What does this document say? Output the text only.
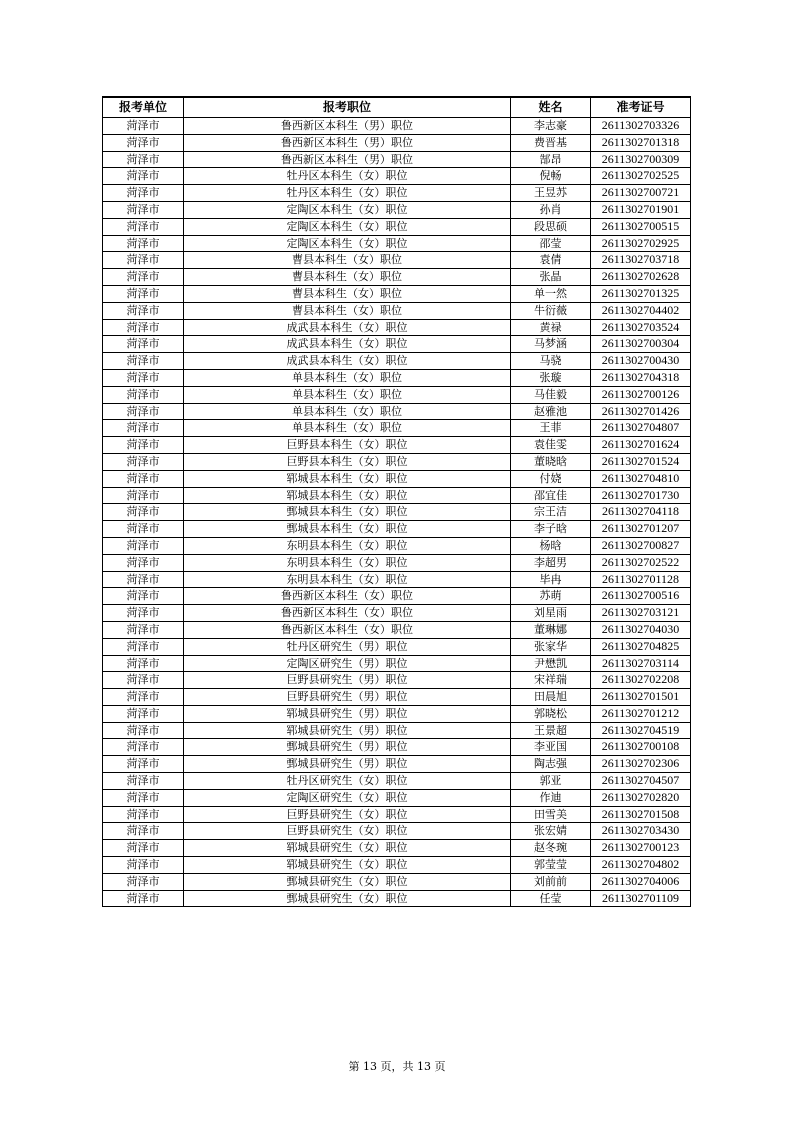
报考单位	报考职位	姓名	准考证号
菏泽市	鲁西新区本科生（男）职位	李志豪	2611302703326
菏泽市	鲁西新区本科生（男）职位	费晋基	2611302701318
菏泽市	鲁西新区本科生（男）职位	郜昂	2611302700309
菏泽市	牡丹区本科生（女）职位	倪畅	2611302702525
菏泽市	牡丹区本科生（女）职位	王昱苏	2611302700721
菏泽市	定陶区本科生（女）职位	孙肖	2611302701901
菏泽市	定陶区本科生（女）职位	段思硕	2611302700515
菏泽市	定陶区本科生（女）职位	邵莹	2611302702925
菏泽市	曹县本科生（女）职位	袁倩	2611302703718
菏泽市	曹县本科生（女）职位	张晶	2611302702628
菏泽市	曹县本科生（女）职位	单一然	2611302701325
菏泽市	曹县本科生（女）职位	牛衍薇	2611302704402
菏泽市	成武县本科生（女）职位	黄禄	2611302703524
菏泽市	成武县本科生（女）职位	马梦涵	2611302700304
菏泽市	成武县本科生（女）职位	马骁	2611302700430
菏泽市	单县本科生（女）职位	张璇	2611302704318
菏泽市	单县本科生（女）职位	马佳毅	2611302700126
菏泽市	单县本科生（女）职位	赵雅池	2611302701426
菏泽市	单县本科生（女）职位	王菲	2611302704807
菏泽市	巨野县本科生（女）职位	袁佳雯	2611302701624
菏泽市	巨野县本科生（女）职位	董晓晗	2611302701524
菏泽市	郓城县本科生（女）职位	付娆	2611302704810
菏泽市	郓城县本科生（女）职位	邵宜佳	2611302701730
菏泽市	鄄城县本科生（女）职位	宗王洁	2611302704118
菏泽市	鄄城县本科生（女）职位	李子晗	2611302701207
菏泽市	东明县本科生（女）职位	杨晗	2611302700827
菏泽市	东明县本科生（女）职位	李超男	2611302702522
菏泽市	东明县本科生（女）职位	毕冉	2611302701128
菏泽市	鲁西新区本科生（女）职位	苏萌	2611302700516
菏泽市	鲁西新区本科生（女）职位	刘星雨	2611302703121
菏泽市	鲁西新区本科生（女）职位	董琳娜	2611302704030
菏泽市	牡丹区研究生（男）职位	张家华	2611302704825
菏泽市	定陶区研究生（男）职位	尹懋凯	2611302703114
菏泽市	巨野县研究生（男）职位	宋祥瑞	2611302702208
菏泽市	巨野县研究生（男）职位	田晨旭	2611302701501
菏泽市	郓城县研究生（男）职位	郭晓松	2611302701212
菏泽市	郓城县研究生（男）职位	王景超	2611302704519
菏泽市	鄄城县研究生（男）职位	李亚国	2611302700108
菏泽市	鄄城县研究生（男）职位	陶志强	2611302702306
菏泽市	牡丹区研究生（女）职位	郭亚	2611302704507
菏泽市	定陶区研究生（女）职位	作迪	2611302702820
菏泽市	巨野县研究生（女）职位	田雪美	2611302701508
菏泽市	巨野县研究生（女）职位	张宏婧	2611302703430
菏泽市	郓城县研究生（女）职位	赵冬琬	2611302700123
菏泽市	郓城县研究生（女）职位	郭莹莹	2611302704802
菏泽市	鄄城县研究生（女）职位	刘前前	2611302704006
菏泽市	鄄城县研究生（女）职位	任莹	2611302701109
第 13 页，共 13 页
